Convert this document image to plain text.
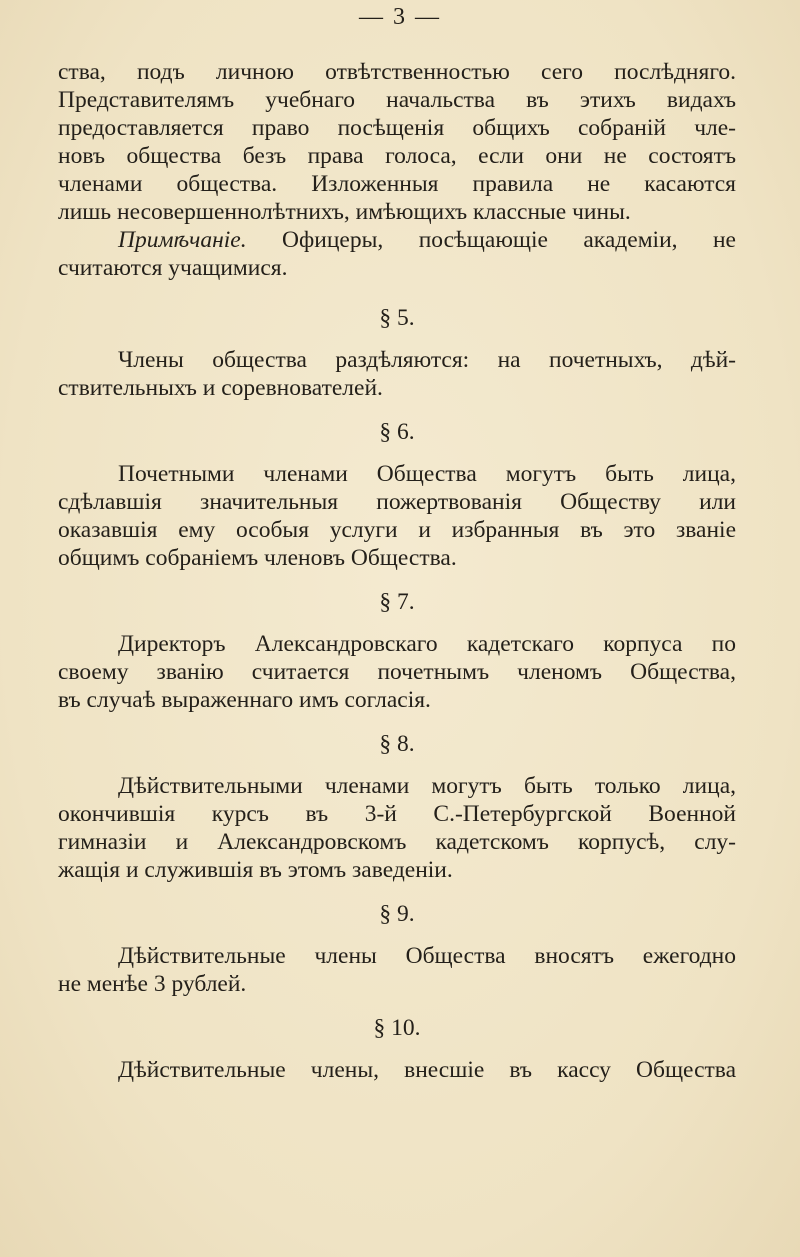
— 3 —
ства, подъ личною отвѣтственностью сего послѣдняго.
Представителямъ учебнаго начальства въ этихъ видахъ
предоставляется право посѣщенія общихъ собраній чле-
новъ общества безъ права голоса, если они не состоятъ
членами общества. Изложенныя правила не касаются
лишь несовершеннолѣтнихъ, имѣющихъ классные чины.
Примѣчаніе. Офицеры, посѣщающіе академіи, не
считаются учащимися.
§ 5.
Члены общества раздѣляются: на почетныхъ, дѣй-
ствительныхъ и соревнователей.
§ 6.
Почетными членами Общества могутъ быть лица,
сдѣлавшія значительныя пожертвованія Обществу или
оказавшія ему особыя услуги и избранныя въ это званіе
общимъ собраніемъ членовъ Общества.
§ 7.
Директоръ Александровскаго кадетскаго корпуса по
своему званію считается почетнымъ членомъ Общества,
въ случаѣ выраженнаго имъ согласія.
§ 8.
Дѣйствительными членами могутъ быть только лица,
окончившія курсъ въ 3-й С.-Петербургской Военной
гимназіи и Александровскомъ кадетскомъ корпусѣ, слу-
жащія и служившія въ этомъ заведеніи.
§ 9.
Дѣйствительные члены Общества вносятъ ежегодно
не менѣе 3 рублей.
§ 10.
Дѣйствительные члены, внесшіе въ кассу Общества
